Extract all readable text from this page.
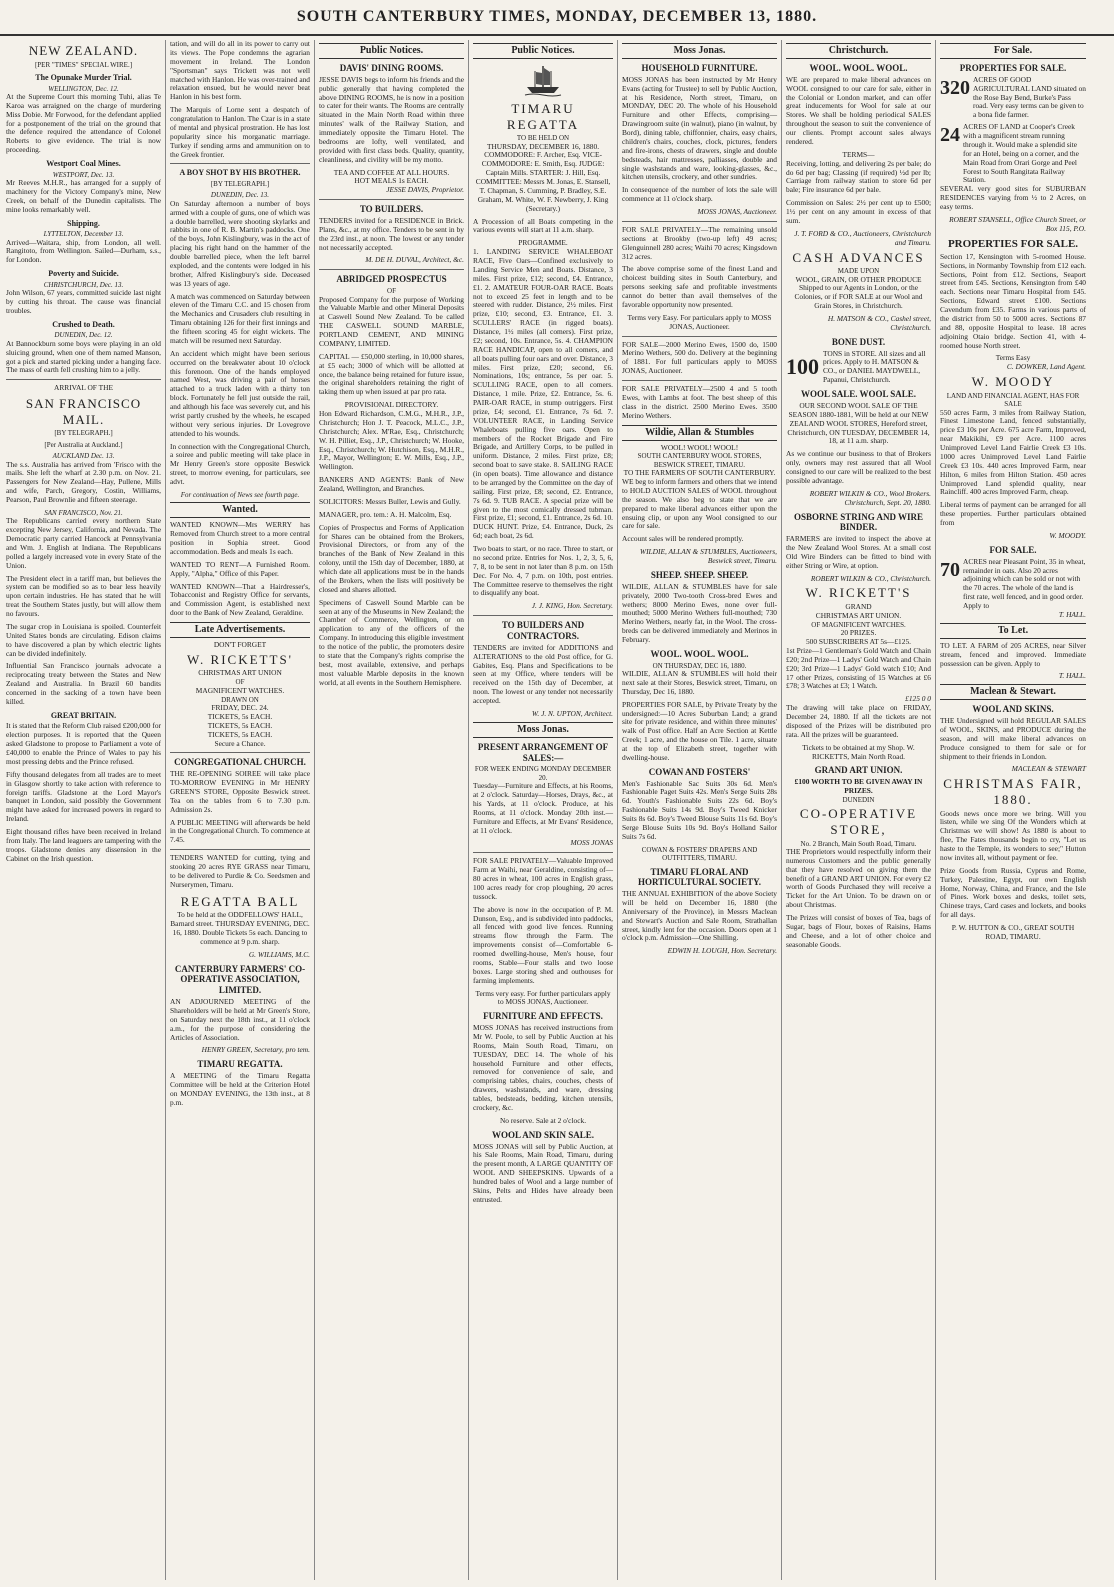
SOUTH CANTERBURY TIMES, MONDAY, DECEMBER 13, 1880.
NEW ZEALAND.
[PER "TIMES" SPECIAL WIRE.]
The Opunake Murder Trial.
WELLINGTON, Dec. 12.

At the Supreme Court this morning Tuhi, alias Te Karoa was arraigned on the charge of murdering Miss Dobie. Mr Forwood, for the defendant applied for a postponement of the trial on the ground that the defence required the attendance of Colonel Roberts to give evidence. The trial is now proceeding.

Westport Coal Mines.
WESTPORT, Dec. 13.

Mr Reeves M.H.R., has arranged for a supply of machinery for the Victory Company's mine, New Creek, on behalf of the Dunedin capitalists. The mine looks remarkably well.

Shipping.
LYTTELTON, December 13.

Arrived—Waitara, ship, from London, all well. Rangitoto, from Wellington. Sailed—Durham, s.s., for London.

Poverty and Suicide.
CHRISTCHURCH, Dec. 13.

John Wilson, 67 years, committed suicide last night by cutting his throat. The cause was financial troubles.

Crushed to Death.
DUNEDIN, Dec. 12.

At Bannockburn some boys were playing in an old sluicing ground, when one of them named Manson, got a pick and started picking under a hanging face. The mass of earth fell crushing him to a jelly.

ARRIVAL OF THE
SAN FRANCISCO MAIL.
[BY TELEGRAPH.]
[Per Australia at Auckland.]
AUCKLAND Dec. 13.

The s.s. Australia has arrived from 'Frisco with the mails. She left the wharf at 2.30 p.m. on Nov. 21. Passengers for New Zealand—Hay, Pullene, Mills and wife, Parch, Gregory, Costin, Williams, Pearson, Paul Brownlie and fifteen steerage.

SAN FRANCISCO, Nov. 21.

The Republicans carried every northern State excepting New Jersey, California, and Nevada. The Democratic party carried Hancock at Pennsylvania and Wm. J. English at Indiana. The Republicans polled a largely increased vote in every State of the Union.

The President elect in a tariff man, but believes the system can be modified so as to bear less heavily upon certain industries. He has stated that he will treat the Southern States justly, but will allow them no favours.

The sugar crop in Louisiana is spoiled. Counterfeit United States bonds are circulating. Edison claims to have discovered a plan by which electric lights can be divided indefinitely.

Influential San Francisco journals advocate a reciprocating treaty between the States and New Zealand and Australia. In Brazil 60 bandits concerned in the sacking of a town have been killed.

GREAT BRITAIN.

It is stated that the Reform Club raised £200,000 for election purposes. It is reported that the Queen asked Gladstone to propose to Parliament a vote of £40,000 to enable the Prince of Wales to pay his most pressing debts and the Prince refused.

Fifty thousand delegates from all trades are to meet in Glasgow shortly to take action with reference to foreign tariffs. Gladstone at the Lord Mayor's banquet in London, said possibly the Government might have asked for increased powers in regard to Ireland.

Eight thousand rifles have been received in Ireland from Italy. The land leaguers are tampering with the troops. Gladstone denies any dissension in the Cabinet on the Irish question.

tation, and will do all in its power to carry out its views. The Pope condemns the agrarian movement in Ireland. The London "Sportsman" says Trickett was not well matched with Hanlon. He was over-trained and relaxation ensued, but he would never beat Hanlon in his best form.

The Marquis of Lorne sent a despatch of congratulation to Hanlon. The Czar is in a state of mental and physical prostration. He has lost popularity since his morganatic marriage. Turkey if sending arms and ammunition on to the Greek frontier.

A BOY SHOT BY HIS BROTHER.
[BY TELEGRAPH.]
DUNEDIN, Dec. 13.

On Saturday afternoon a number of boys armed with a couple of guns, one of which was a double barrelled, were shooting skylarks and rabbits in one of R. B. Martin's paddocks. One of the boys, John Kislingbury, was in the act of placing his right hand on the hammer of the double barrelled piece, when the left barrel exploded, and the contents were lodged in his brother, Alfred Kislingbury's side. Deceased was 13 years of age.

A match was commenced on Saturday between eleven of the Timaru C.C. and 15 chosen from the Mechanics and Crusaders club resulting in Timaru obtaining 126 for their first innings and the fifteen scoring 45 for eight wickets. The match will be resumed next Saturday.

An accident which might have been serious occurred on the breakwater about 10 o'clock this forenoon. One of the hands employed named West, was driving a pair of horses attached to a truck laden with a thirty ton block. Fortunately he fell just outside the rail, and although his face was severely cut, and his wrist partly crushed by the wheels, he escaped without very serious injuries. Dr Lovegrove attended to his wounds.

In connection with the Congregational Church, a soiree and public meeting will take place in Mr Henry Green's store opposite Beswick street, to morrow evening, for particulars, see advt.

For continuation of News see fourth page.
Wanted.

WANTED KNOWN—Mrs WERRY has Removed from Church street to a more central position in Sophia street. Good accommodation. Beds and meals 1s each.

WANTED TO RENT—A Furnished Room. Apply, "Alpha," Office of this Paper.

WANTED KNOWN—That a Hairdresser's, Tobacconist and Registry Office for servants, and Commission Agent, is established next door to the Bank of New Zealand, Geraldine.

Late Advertisements.
DON'T FORGET
W. RICKETTS'
CHRISTMAS ART UNION
OF
MAGNIFICENT WATCHES.
DRAWN ON
FRIDAY, DEC. 24.
TICKETS, 5s EACH.
TICKETS, 5s EACH.
TICKETS, 5s EACH.
Secure a Chance.
CONGREGATIONAL CHURCH.

THE RE-OPENING SOIREE will take place TO-MORROW EVENING in Mr HENRY GREEN'S STORE, Opposite Beswick street. Tea on the tables from 6 to 7.30 p.m. Admission 2s.

A PUBLIC MEETING will afterwards be held in the Congregational Church. To commence at 7.45.

TENDERS WANTED for cutting, tying and stooking 20 acres RYE GRASS near Timaru, to be delivered to Purdie & Co. Seedsmen and Nurserymen, Timaru.

REGATTA BALL

To be held at the ODDFELLOWS' HALL, Barnard street. THURSDAY EVENING, DEC. 16, 1880. Double Tickets 5s each. Dancing to commence at 9 p.m. sharp.

G. WILLIAMS, M.C.
CANTERBURY FARMERS' CO-OPERATIVE ASSOCIATION, LIMITED.

AN ADJOURNED MEETING of the Shareholders will be held at Mr Green's Store, on Saturday next the 18th inst., at 11 o'clock a.m., for the purpose of considering the Articles of Association.

HENRY GREEN, Secretary, pro tem.
TIMARU REGATTA.

A MEETING of the Timaru Regatta Committee will be held at the Criterion Hotel on MONDAY EVENING, the 13th inst., at 8 p.m.

Public Notices.
DAVIS' DINING ROOMS.

JESSE DAVIS begs to inform his friends and the public generally that having completed the above DINING ROOMS, he is now in a position to cater for their wants. The Rooms are centrally situated in the Main North Road within three minutes' walk of the Railway Station, and immediately opposite the Timaru Hotel. The bedrooms are lofty, well ventilated, and provided with first class beds. Quality, quantity, cleanliness, and civility will be my motto.

TEA AND COFFEE AT ALL HOURS.
HOT MEALS 1s EACH.
JESSE DAVIS, Proprietor.
TO BUILDERS.

TENDERS invited for a RESIDENCE in Brick. Plans, &c., at my office. Tenders to be sent in by the 23rd inst., at noon. The lowest or any tender not necessarily accepted.

M. DE H. DUVAL, Architect, &c.
ABRIDGED PROSPECTUS
OF

Proposed Company for the purpose of Working the Valuable Marble and other Mineral Deposits at Caswell Sound New Zealand. To be called THE CASWELL SOUND MARBLE, PORTLAND CEMENT, AND MINING COMPANY, LIMITED.

CAPITAL — £50,000 sterling, in 10,000 shares, at £5 each; 3000 of which will be allotted at once, the balance being retained for future issue, the original shareholders retaining the right of taking them up when issued at par pro rata.

PROVISIONAL DIRECTORY.

Hon Edward Richardson, C.M.G., M.H.R., J.P., Christchurch; Hon J. T. Peacock, M.L.C., J.P., Christchurch; Alex. M'Rae, Esq., Christchurch; W. H. Pilliet, Esq., J.P., Christchurch; W. Hooke, Esq., Christchurch; W. Hutchison, Esq., M.H.R., J.P., Mayor, Wellington; E. W. Mills, Esq., J.P., Wellington.

BANKERS AND AGENTS: Bank of New Zealand, Wellington, and Branches.

SOLICITORS: Messrs Buller, Lewis and Gully.

MANAGER, pro. tem.: A. H. Malcolm, Esq.

Copies of Prospectus and Forms of Application for Shares can be obtained from the Brokers, Provisional Directors, or from any of the branches of the Bank of New Zealand in this colony, until the 15th day of December, 1880, at which date all applications must be in the hands of the Brokers, when the lists will positively be closed and shares allotted.

Specimens of Caswell Sound Marble can be seen at any of the Museums in New Zealand; the Chamber of Commerce, Wellington, or on application to any of the officers of the Company. In introducing this eligible investment to the notice of the public, the promoters desire to state that the Company's rights comprise the best, most available, extensive, and perhaps most valuable Marble deposits in the known world, at all events in the Southern Hemisphere.

Public Notices.
TIMARU REGATTA
TO BE HELD ON
THURSDAY, DECEMBER 16, 1880.

COMMODORE: F. Archer, Esq. VICE-COMMODORE: E. Smith, Esq. JUDGE: Captain Mills. STARTER: J. Hill, Esq. COMMITTEE: Messrs M. Jonas, E. Stansell, T. Chapman, S. Cumming, P. Bradley, S.E. Graham, M. White, W. F. Newberry, J. King (Secretary.)

A Procession of all Boats competing in the various events will start at 11 a.m. sharp.

PROGRAMME.

1. LANDING SERVICE WHALEBOAT RACE, Five Oars—Confined exclusively to Landing Service Men and Boats. Distance, 3 miles. First prize, £12; second, £4. Entrance, £1. 2. AMATEUR FOUR-OAR RACE. Boats not to exceed 25 feet in length and to be steered with rudder. Distance, 2½ miles. First prize, £10; second, £3. Entrance, £1. 3. SCULLERS' RACE (in rigged boats). Distance, 1½ miles (all comers). First prize, £2; second, 10s. Entrance, 5s. 4. CHAMPION RACE HANDICAP, open to all comers, and all boats pulling four oars and over. Distance, 3 miles. First prize, £20; second, £6. Nominations, 10s; entrance, 5s per oar. 5. SCULLING RACE, open to all comers. Distance, 1 mile. Prize, £2. Entrance, 5s. 6. PAIR-OAR RACE, in stump outriggers. First prize, £4; second, £1. Entrance, 7s 6d. 7. VOLUNTEER RACE, in Landing Service Whaleboats pulling five oars. Open to members of the Rocket Brigade and Fire Brigade, and Artillery Corps, to be pulled in uniform. Distance, 2 miles. First prize, £8; second boat to save stake. 8. SAILING RACE (in open boats). Time allowance and distance to be arranged by the Committee on the day of sailing. First prize, £8; second, £2. Entrance, 7s 6d. 9. TUB RACE. A special prize will be given to the most comically dressed tubman. First prize, £1; second, £1. Entrance, 2s 6d. 10. DUCK HUNT. Prize, £4. Entrance, Duck, 2s 6d; each boat, 2s 6d.

Two boats to start, or no race. Three to start, or no second prize. Entries for Nos. 1, 2, 3, 5, 6, 7, 8, to be sent in not later than 8 p.m. on 15th Dec. For No. 4, 7 p.m. on 10th, post entries. The Committee reserve to themselves the right to disqualify any boat.

J. J. KING, Hon. Secretary.
TO BUILDERS AND CONTRACTORS.

TENDERS are invited for ADDITIONS and ALTERATIONS to the old Post office, for G. Gabites, Esq. Plans and Specifications to be seen at my Office, where tenders will be received on the 15th day of December, at noon. The lowest or any tender not necessarily accepted.

W. J. N. UPTON, Architect.
Moss Jonas.
PRESENT ARRANGEMENT OF SALES:—
FOR WEEK ENDING MONDAY DECEMBER 20.

Tuesday—Furniture and Effects, at his Rooms, at 2 o'clock. Saturday—Horses, Drays, &c., at his Yards, at 11 o'clock. Produce, at his Rooms, at 11 o'clock. Monday 20th inst.—Furniture and Effects, at Mr Evans' Residence, at 11 o'clock.

MOSS JONAS

FOR SALE PRIVATELY—Valuable Improved Farm at Waihi, near Geraldine, consisting of—80 acres in wheat, 100 acres in English grass, 100 acres ready for crop ploughing, 20 acres tussock.

The above is now in the occupation of P. M. Dunson, Esq., and is subdivided into paddocks, all fenced with good live fences. Running streams flow through the Farm. The improvements consist of—Comfortable 6-roomed dwelling-house, Men's house, four rooms, Stable—Four stalls and two loose boxes. Large storing shed and outhouses for farming implements.

Terms very easy. For further particulars apply to MOSS JONAS, Auctioneer.

FURNITURE AND EFFECTS.

MOSS JONAS has received instructions from Mr W. Poole, to sell by Public Auction at his Rooms, Main South Road, Timaru, on TUESDAY, DEC 14. The whole of his household Furniture and other effects, removed for convenience of sale, and comprising tables, chairs, couches, chests of drawers, washstands, and ware, dressing tables, bedsteads, bedding, kitchen utensils, crockery, &c.

No reserve. Sale at 2 o'clock.
WOOL AND SKIN SALE.

MOSS JONAS will sell by Public Auction, at his Sale Rooms, Main Road, Timaru, during the present month, A LARGE QUANTITY OF WOOL AND SHEEPSKINS. Upwards of a hundred bales of Wool and a large number of Skins, Pelts and Hides have already been entrusted.

Moss Jonas.
HOUSEHOLD FURNITURE.

MOSS JONAS has been instructed by Mr Henry Evans (acting for Trustee) to sell by Public Auction, at his Residence, North street, Timaru, on MONDAY, DEC 20. The whole of his Household Furniture and other Effects, comprising—Drawingroom suite (in walnut), piano (in walnut, by Bord), dining table, chiffonnier, chairs, easy chairs, children's chairs, couches, clock, pictures, fenders and fire-irons, chests of drawers, single and double bedsteads, hair mattresses, palliasses, double and single washstands and ware, looking-glasses, &c., kitchen utensils, crockery, and other sundries.

In consequence of the number of lots the sale will commence at 11 o'clock sharp.

MOSS JONAS, Auctioneer.

FOR SALE PRIVATELY—The remaining unsold sections at Brookby (two-up left) 49 acres; Glenguinnell 280 acres; Waihi 70 acres; Kingsdown 312 acres.

The above comprise some of the finest Land and choicest building sites in South Canterbury, and persons seeking safe and profitable investments cannot do better than avail themselves of the favorable opportunity now presented.

Terms very Easy. For particulars apply to MOSS JONAS, Auctioneer.

FOR SALE—2000 Merino Ewes, 1500 do, 1500 Merino Wethers, 500 do. Delivery at the beginning of 1881. For full particulars apply to MOSS JONAS, Auctioneer.

FOR SALE PRIVATELY—2500 4 and 5 tooth Ewes, with Lambs at foot. The best sheep of this class in the district. 2500 Merino Ewes. 3500 Merino Wethers.

Wildie, Allan & Stumbles
WOOL! WOOL! WOOL!
SOUTH CANTERBURY WOOL STORES, BESWICK STREET, TIMARU.
TO THE FARMERS OF SOUTH CANTERBURY.

WE beg to inform farmers and others that we intend to HOLD AUCTION SALES of WOOL throughout the season. We also beg to state that we are prepared to make liberal advances either upon the ensuing clip, or upon any Wool consigned to our care for sale.

Account sales will be rendered promptly.

WILDIE, ALLAN & STUMBLES, Auctioneers, Beswick street, Timaru.
SHEEP. SHEEP. SHEEP.

WILDIE, ALLAN & STUMBLES have for sale privately, 2000 Two-tooth Cross-bred Ewes and wethers; 8000 Merino Ewes, none over full-mouthed; 5000 Merino Wethers full-mouthed; 730 Merino Wethers, nearly fat, in the Wool. The cross-breds can be delivered immediately and Merinos in February.

WOOL. WOOL. WOOL.
ON THURSDAY, DEC 16, 1880.

WILDIE, ALLAN & STUMBLES will hold their next sale at their Stores, Beswick street, Timaru, on Thursday, Dec 16, 1880.

PROPERTIES FOR SALE, by Private Treaty by the undersigned:—10 Acres Suburban Land; a grand site for private residence, and within three minutes' walk of Post office. Half an Acre Section at Kettle Creek; 1 acre, and the house on Tile. 1 acre, situate at the top of Elizabeth street, together with dwelling-house.

COWAN AND FOSTERS'

Men's Fashionable Sac Suits 30s 6d. Men's Fashionable Paget Suits 42s. Men's Serge Suits 28s 6d. Youth's Fashionable Suits 22s 6d. Boy's Fashionable Suits 14s 9d. Boy's Tweed Knicker Suits 8s 6d. Boy's Tweed Blouse Suits 11s 6d. Boy's Serge Blouse Suits 10s 9d. Boy's Holland Sailor Suits 7s 6d.

COWAN & FOSTERS' DRAPERS AND OUTFITTERS, TIMARU.
TIMARU FLORAL AND HORTICULTURAL SOCIETY.

THE ANNUAL EXHIBITION of the above Society will be held on December 16, 1880 (the Anniversary of the Province), in Messrs Maclean and Stewart's Auction and Sale Room, Strathallan street, kindly lent for the occasion. Doors open at 1 o'clock p.m. Admission—One Shilling.

EDWIN H. LOUGH, Hon. Secretary.
Christchurch.
WOOL. WOOL. WOOL.

WE are prepared to make liberal advances on WOOL consigned to our care for sale, either in the Colonial or London market, and can offer great inducements for Wool for sale at our Stores. We shall be holding periodical SALES throughout the season to suit the convenience of our clients. Prompt account sales always rendered.

TERMS—

Receiving, lotting, and delivering 2s per bale; do do 6d per bag; Classing (if required) ½d per lb; Carriage from railway station to store 6d per bale; Fire insurance 6d per bale.

Commission on Sales: 2½ per cent up to £500; 1½ per cent on any amount in excess of that sum.

J. T. FORD & CO., Auctioneers, Christchurch and Timaru.
CASH ADVANCES
MADE UPON

WOOL, GRAIN, OR OTHER PRODUCE Shipped to our Agents in London, or the Colonies, or if FOR SALE at our Wool and Grain Stores, in Christchurch.

H. MATSON & CO., Cashel street, Christchurch.
BONE DUST.
100
TONS in STORE. All sizes and all prices. Apply to H. MATSON & CO., or DANIEL MAYDWELL, Papanui, Christchurch.
WOOL SALE. WOOL SALE.

OUR SECOND WOOL SALE OF THE SEASON 1880-1881, Will be held at our NEW ZEALAND WOOL STORES, Hereford street, Christchurch, ON TUESDAY, DECEMBER 14, 18, at 11 a.m. sharp.

As we continue our business to that of Brokers only, owners may rest assured that all Wool consigned to our care will be realized to the best possible advantage.

ROBERT WILKIN & CO., Wool Brokers. Christchurch, Sept. 20, 1880.
OSBORNE STRING AND WIRE BINDER.

FARMERS are invited to inspect the above at the New Zealand Wool Stores. At a small cost Old Wire Binders can be fitted to bind with either String or Wire, at option.

ROBERT WILKIN & CO., Christchurch.
W. RICKETT'S
GRAND
CHRISTMAS ART UNION.
OF MAGNIFICENT WATCHES.
20 PRIZES.
500 SUBSCRIBERS AT 5s—£125.

1st Prize—1 Gentleman's Gold Watch and Chain £20; 2nd Prize—1 Ladys' Gold Watch and Chain £20; 3rd Prize—1 Ladys' Gold watch £10; And 17 other Prizes, consisting of 15 Watches at £6 £78; 3 Watches at £3; 1 Watch.

£125 0 0

The drawing will take place on FRIDAY, December 24, 1880. If all the tickets are not disposed of the Prizes will be distributed pro rata. All the prizes will be guaranteed.

Tickets to be obtained at my Shop. W. RICKETTS, Main North Road.

GRAND ART UNION.
£100 WORTH TO BE GIVEN AWAY IN PRIZES.
DUNEDIN
CO-OPERATIVE STORE,
No. 2 Branch, Main South Road, Timaru.

THE Proprietors would respectfully inform their numerous Customers and the public generally that they have resolved on giving them the benefit of a GRAND ART UNION. For every £2 worth of Goods Purchased they will receive a Ticket for the Art Union. To be drawn on or about Christmas.

The Prizes will consist of boxes of Tea, bags of Sugar, bags of Flour, boxes of Raisins, Hams and Cheese, and a lot of other choice and seasonable Goods.

For Sale.
PROPERTIES FOR SALE.
320 ACRES OF GOOD AGRICULTURAL LAND situated on the Rose Bay Bend, Burke's Pass road. Very easy terms can be given to a bona fide farmer.
24 ACRES OF LAND at Cooper's Creek with a magnificent stream running through it. Would make a splendid site for an Hotel, being on a corner, and the Main Road from Orari Gorge and Peel Forest to South Rangitata Railway Station.

SEVERAL very good sites for SUBURBAN RESIDENCES varying from ½ to 2 Acres, on easy terms.

ROBERT STANSELL, Office Church Street, or Box 115, P.O.
PROPERTIES FOR SALE.

Section 17, Kensington with 5-roomed House. Sections, in Normanby Township from £12 each. Sections, Point from £12. Sections, Seaport street from £45. Sections, Kensington from £40 each. Sections near Timaru Hospital from £45. Sections, Edward street £100. Sections Cavendum from £35. Farms in various parts of the district from 50 to 5000 acres. Sections 87 and 88, opposite Hospital to lease. 18 acres adjoining Otaio bridge. Section 41, with 4-roomed house North street.

Terms Easy
C. DOWKER, Land Agent.
W. MOODY
LAND AND FINANCIAL AGENT, HAS FOR SALE

550 acres Farm, 3 miles from Railway Station, Finest Limestone Land, fenced substantially, price £3 10s per Acre. 675 acre Farm, Improved, near Makikihi, £9 per Acre. 1100 acres Unimproved Level Land Fairlie Creek £3 10s. 1000 acres Unimproved Level Land Fairlie Creek £3 10s. 440 acres Improved Farm, near Hilton, 6 miles from Hilton Station. 450 acres Unimproved Land splendid quality, near Raincliff. 400 acres Improved Farm, cheap.

Liberal terms of payment can be arranged for all these properties. Further particulars obtained from

W. MOODY.
FOR SALE.
70 ACRES near Pleasant Point, 35 in wheat, remainder in oats. Also 20 acres adjoining which can be sold or not with the 70 acres. The whole of the land is first rate, well fenced, and in good order. Apply to
T. HALL.
To Let.

TO LET. A FARM of 205 ACRES, near Silver stream, fenced and improved. Immediate possession can be given. Apply to

T. HALL.
Maclean & Stewart.
WOOL AND SKINS.

THE Undersigned will hold REGULAR SALES of WOOL, SKINS, and PRODUCE during the season, and will make liberal advances on Produce consigned to them for sale or for shipment to their friends in London.

MACLEAN & STEWART
CHRISTMAS FAIR, 1880.

Goods news once more we bring. Will you listen, while we sing Of the Wonders which at Christmas we will show! As 1880 is about to flee, The Fates thousands begin to cry, "Let us haste to the Temple, its wonders to see;" Hutton now invites all, without payment or fee.

Prize Goods from Russia, Cyprus and Rome, Turkey, Palestine, Egypt, our own English Home, Norway, China, and France, and the Isle of Pines. Work boxes and desks, toilet sets, Chinese trays, Card cases and lockets, and books for all days.

P. W. HUTTON & CO., GREAT SOUTH ROAD, TIMARU.
